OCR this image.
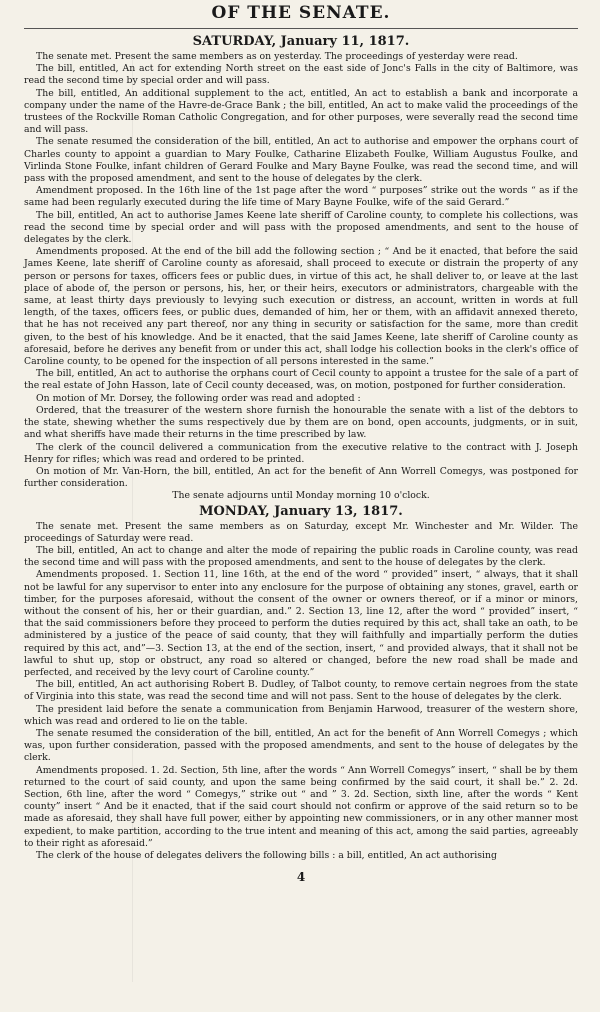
OF THE SENATE.
SATURDAY, January 11, 1817.

The senate met. Present the same members as on yesterday. The proceedings of yesterday were read.

The bill, entitled, An act for extending North street on the east side of Jonc's Falls in the city of Baltimore, was read the second time by special order and will pass.

The bill, entitled, An additional supplement to the act, entitled, An act to establish a bank and incorporate a company under the name of the Havre-de-Grace Bank ; the bill, entitled, An act to make valid the proceedings of the trustees of the Rockville Roman Catholic Congregation, and for other purposes, were severally read the second time and will pass.

The senate resumed the consideration of the bill, entitled, An act to authorise and empower the orphans court of Charles county to appoint a guardian to Mary Foulke, Catharine Elizabeth Foulke, William Augustus Foulke, and Virlinda Stone Foulke, infant children of Gerard Foulke and Mary Bayne Foulke, was read the second time, and will pass with the proposed amendment, and sent to the house of delegates by the clerk.

Amendment proposed. In the 16th line of the 1st page after the word “ purposes” strike out the words “ as if the same had been regularly executed during the life time of Mary Bayne Foulke, wife of the said Gerard.”

The bill, entitled, An act to authorise James Keene late sheriff of Caroline county, to complete his collections, was read the second time by special order and will pass with the proposed amendments, and sent to the house of delegates by the clerk.

Amendments proposed. At the end of the bill add the following section ; “ And be it enacted, that before the said James Keene, late sheriff of Caroline county as aforesaid, shall proceed to execute or distrain the property of any person or persons for taxes, officers fees or public dues, in virtue of this act, he shall deliver to, or leave at the last place of abode of, the person or persons, his, her, or their heirs, executors or administrators, chargeable with the same, at least thirty days previously to levying such execution or distress, an account, written in words at full length, of the taxes, officers fees, or public dues, demanded of him, her or them, with an affidavit annexed thereto, that he has not received any part thereof, nor any thing in security or satisfaction for the same, more than credit given, to the best of his knowledge. And be it enacted, that the said James Keene, late sheriff of Caroline county as aforesaid, before he derives any benefit from or under this act, shall lodge his collection books in the clerk's office of Caroline county, to be opened for the inspection of all persons interested in the same.”

The bill, entitled, An act to authorise the orphans court of Cecil county to appoint a trustee for the sale of a part of the real estate of John Hasson, late of Cecil county deceased, was, on motion, postponed for further consideration.

On motion of Mr. Dorsey, the following order was read and adopted :

Ordered, that the treasurer of the western shore furnish the honourable the senate with a list of the debtors to the state, shewing whether the sums respectively due by them are on bond, open accounts, judgments, or in suit, and what sheriffs have made their returns in the time prescribed by law.

The clerk of the council delivered a communication from the executive relative to the contract with J. Joseph Henry for rifles; which was read and ordered to be printed.

On motion of Mr. Van-Horn, the bill, entitled, An act for the benefit of Ann Worrell Comegys, was postponed for further consideration.

The senate adjourns until Monday morning 10 o'clock.

MONDAY, January 13, 1817.

The senate met. Present the same members as on Saturday, except Mr. Winchester and Mr. Wilder. The proceedings of Saturday were read.

The bill, entitled, An act to change and alter the mode of repairing the public roads in Caroline county, was read the second time and will pass with the proposed amendments, and sent to the house of delegates by the clerk.

Amendments proposed. 1. Section 11, line 16th, at the end of the word “ provided” insert, “ always, that it shall not be lawful for any supervisor to enter into any enclosure for the purpose of obtaining any stones, gravel, earth or timber, for the purposes aforesaid, without the consent of the owner or owners thereof, or if a minor or minors, without the consent of his, her or their guardian, and.” 2. Section 13, line 12, after the word “ provided” insert, “ that the said commissioners before they proceed to perform the duties required by this act, shall take an oath, to be administered by a justice of the peace of said county, that they will faithfully and impartially perform the duties required by this act, and”—3. Section 13, at the end of the section, insert, “ and provided always, that it shall not be lawful to shut up, stop or obstruct, any road so altered or changed, before the new road shall be made and perfected, and received by the levy court of Caroline county.”

The bill, entitled, An act authorising Robert B. Dudley, of Talbot county, to remove certain negroes from the state of Virginia into this state, was read the second time and will not pass. Sent to the house of delegates by the clerk.

The president laid before the senate a communication from Benjamin Harwood, treasurer of the western shore, which was read and ordered to lie on the table.

The senate resumed the consideration of the bill, entitled, An act for the benefit of Ann Worrell Comegys ; which was, upon further consideration, passed with the proposed amendments, and sent to the house of delegates by the clerk.

Amendments proposed. 1. 2d. Section, 5th line, after the words “ Ann Worrell Comegys” insert, “ shall be by them returned to the court of said county, and upon the same being confirmed by the said court, it shall be.” 2. 2d. Section, 6th line, after the word “ Comegys,” strike out “ and ” 3. 2d. Section, sixth line, after the words “ Kent county” insert “ And be it enacted, that if the said court should not confirm or approve of the said return so to be made as aforesaid, they shall have full power, either by appointing new commissioners, or in any other manner most expedient, to make partition, according to the true intent and meaning of this act, among the said parties, agreeably to their right as aforesaid.”

The clerk of the house of delegates delivers the following bills : a bill, entitled, An act authorising

4
